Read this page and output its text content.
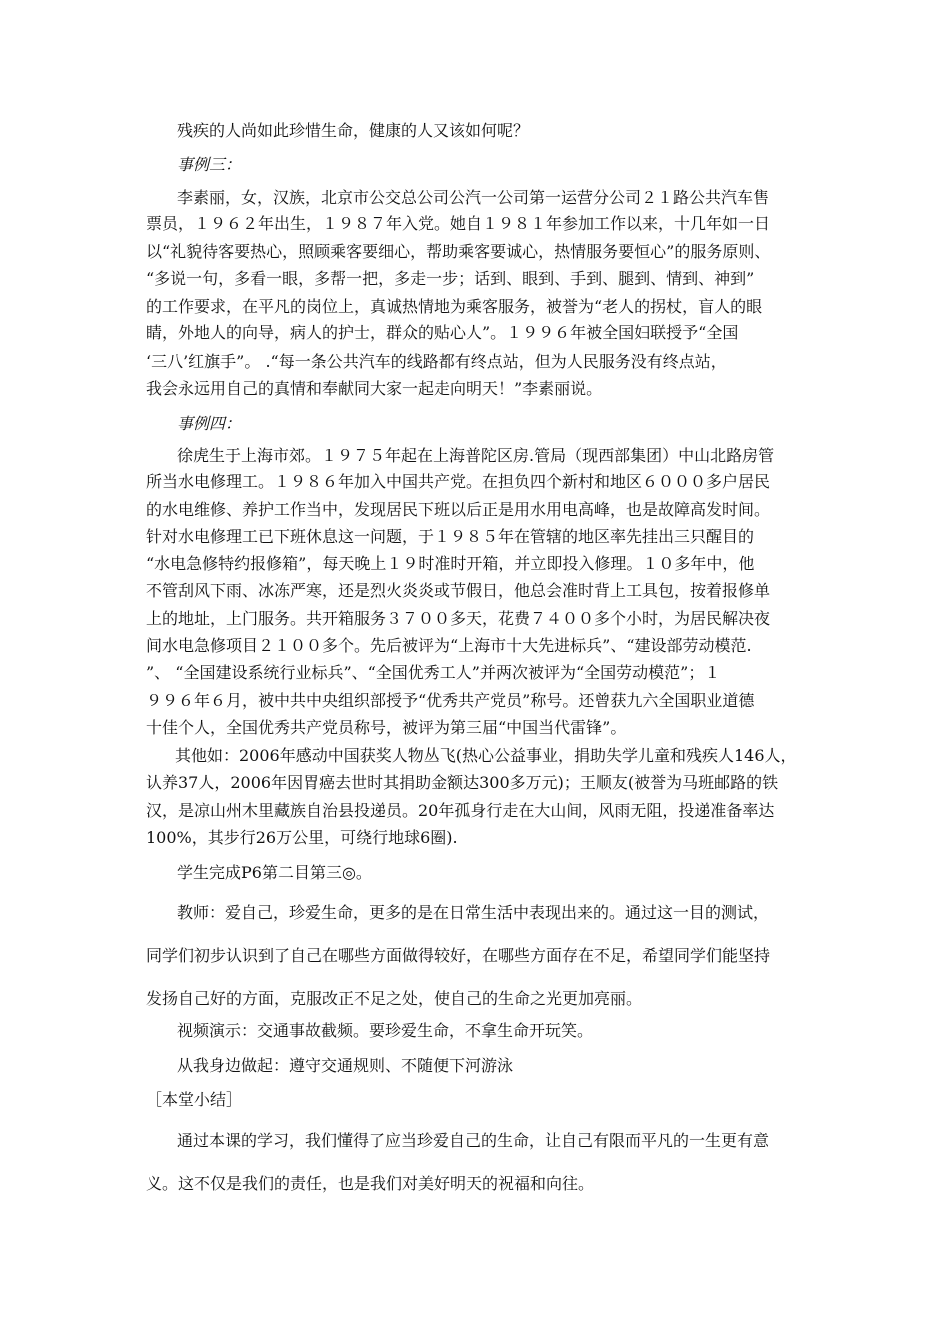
残疾的人尚如此珍惜生命，健康的人又该如何呢？
事例三：
李素丽，女，汉族，北京市公交总公司公汽一公司第一运营分公司２１路公共汽车售
票员，１９６２年出生，１９８７年入党。她自１９８１年参加工作以来，十几年如一日
以“礼貌待客要热心，照顾乘客要细心，帮助乘客要诚心，热情服务要恒心”的服务原则、
“多说一句，多看一眼，多帮一把，多走一步；话到、眼到、手到、腿到、情到、神到”
的工作要求，在平凡的岗位上，真诚热情地为乘客服务，被誉为“老人的拐杖，盲人的眼
睛，外地人的向导，病人的护士，群众的贴心人”。１９９６年被全国妇联授予“全国
‘三八’红旗手”。 .“每一条公共汽车的线路都有终点站，但为人民服务没有终点站，
我会永远用自己的真情和奉献同大家一起走向明天！”李素丽说。
事例四：
徐虎生于上海市郊。１９７５年起在上海普陀区房.管局（现西部集团）中山北路房管
所当水电修理工。１９８６年加入中国共产党。在担负四个新村和地区６０００多户居民
的水电维修、养护工作当中，发现居民下班以后正是用水用电高峰，也是故障高发时间。
针对水电修理工已下班休息这一问题，于１９８５年在管辖的地区率先挂出三只醒目的
“水电急修特约报修箱”，每天晚上１９时准时开箱，并立即投入修理。１０多年中，他
不管刮风下雨、冰冻严寒，还是烈火炎炎或节假日，他总会准时背上工具包，按着报修单
上的地址，上门服务。共开箱服务３７００多天，花费７４００多个小时，为居民解决夜
间水电急修项目２１００多个。先后被评为“上海市十大先进标兵”、“建设部劳动模范.
”、 “全国建设系统行业标兵”、“全国优秀工人”并两次被评为“全国劳动模范”；１
９９６年６月，被中共中央组织部授予“优秀共产党员”称号。还曾获九六全国职业道德
十佳个人，全国优秀共产党员称号，被评为第三届“中国当代雷锋”。
其他如：2006年感动中国获奖人物丛飞(热心公益事业，捐助失学儿童和残疾人146人，
认养37人，2006年因胃癌去世时其捐助金额达300多万元)；王顺友(被誉为马班邮路的铁
汉，是凉山州木里藏族自治县投递员。20年孤身行走在大山间，风雨无阻，投递准备率达
100%，其步行26万公里，可绕行地球6圈).
学生完成P6第二目第三◎。
教师：爱自己，珍爱生命，更多的是在日常生活中表现出来的。通过这一目的测试，
同学们初步认识到了自己在哪些方面做得较好，在哪些方面存在不足，希望同学们能坚持
发扬自己好的方面，克服改正不足之处，使自己的生命之光更加亮丽。
视频演示：交通事故截频。要珍爱生命，不拿生命开玩笑。
从我身边做起：遵守交通规则、不随便下河游泳
［本堂小结］
通过本课的学习，我们懂得了应当珍爱自己的生命，让自己有限而平凡的一生更有意
义。这不仅是我们的责任，也是我们对美好明天的祝福和向往。
